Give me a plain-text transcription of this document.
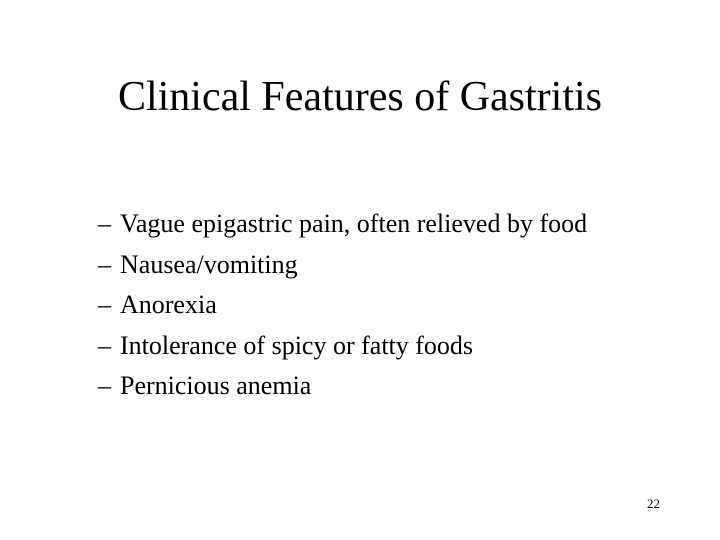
Clinical Features of Gastritis
– Vague epigastric pain, often relieved by food
– Nausea/vomiting
– Anorexia
– Intolerance of spicy or fatty foods
– Pernicious anemia
22
